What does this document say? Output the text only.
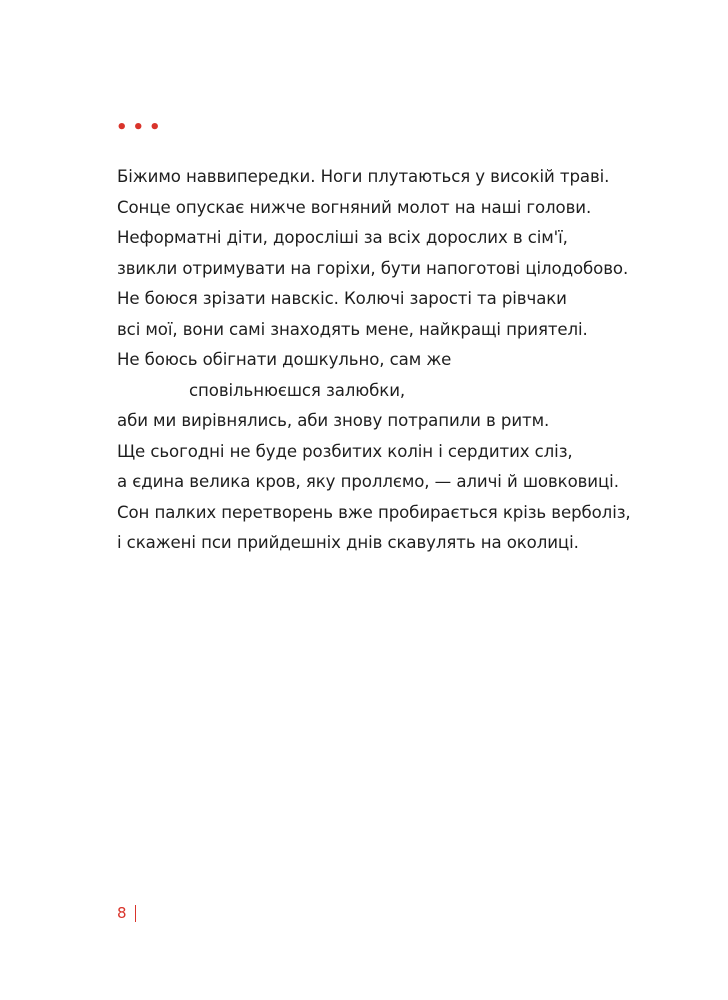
•••
Біжимо наввипередки. Ноги плутаються у високій траві.
Сонце опускає нижче вогняний молот на наші голови.
Неформатні діти, дорослiші за всіх дорослих в сім'ї,
звикли отримувати на горіхи, бути напоготові цілодобово.
Не боюся зрізати навскіс. Колючі зарості та рівчаки
всі мої, вони самі знаходять мене, найкращі приятелі.
Не боюсь обігнати дошкульно, сам же
сповільнюєшся залюбки,
аби ми вирівнялись, аби знову потрапили в ритм.
Ще сьогодні не буде розбитих колін і сердитих сліз,
а єдина велика кров, яку проллємо, — аличі й шовковиці.
Сон палких перетворень вже пробирається крізь верболіз,
і скажені пси прийдешніх днів скавулять на околиці.
8
